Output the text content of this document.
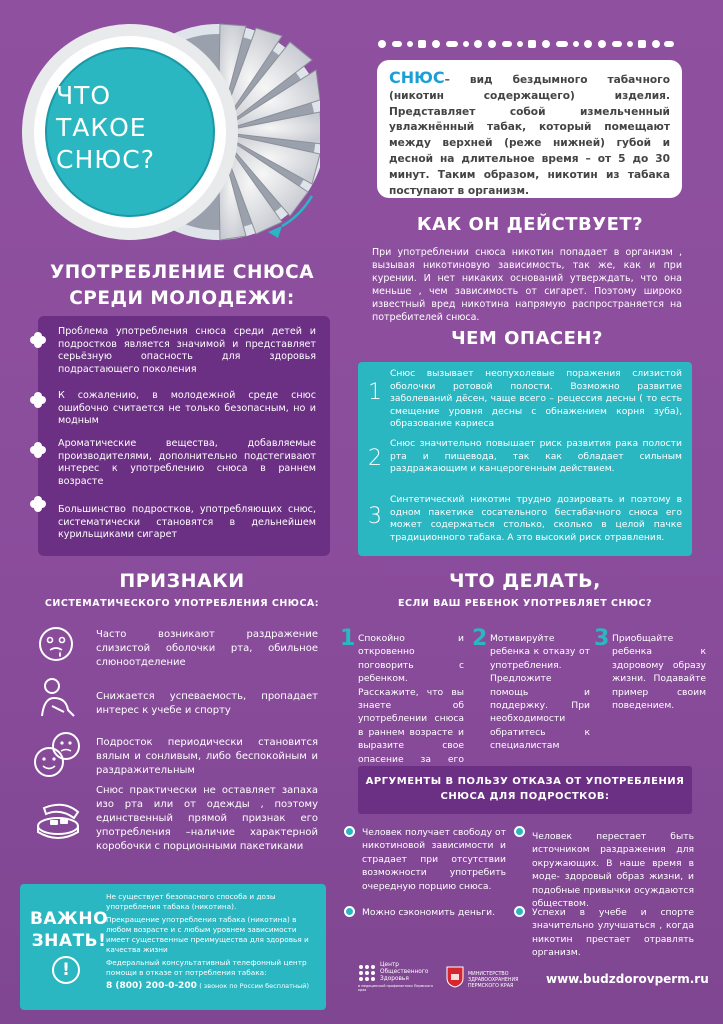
ЧТО
ТАКОЕ
СНЮС?
СНЮС– вид бездымного табачного (никотин содержащего) изделия. Представляет собой измельченный увлажнённый табак, который помещают между верхней (реже нижней) губой и десной на длительное время – от 5 до 30 минут. Таким образом, никотин из табака поступают в организм.
КАК ОН ДЕЙСТВУЕТ?
При употреблении снюса никотин попадает в организм , вызывая никотиновую зависимость, так же, как и при курении. И нет никаких оснований утверждать, что она меньше , чем зависимость от сигарет. Поэтому широко известный вред никотина напрямую распространяется на потребителей снюса.
УПОТРЕБЛЕНИЕ СНЮСА
СРЕДИ МОЛОДЕЖИ:
Проблема употребления снюса среди детей и подростков является значимой и представляет серьёзную опасность для здоровья подрастающего поколения
К сожалению, в молодежной среде снюс ошибочно считается не только безопасным, но и модным
Ароматические вещества, добавляемые производителями, дополнительно подстегивают интерес к употреблению снюса в раннем возрасте
Большинство подростков, употребляющих снюс, систематически становятся в дельнейшем курильщиками сигарет
ЧЕМ ОПАСЕН?
1
Снюс вызывает неопухолевые поражения слизистой оболочки ротовой полости. Возможно развитие заболеваний дёсен, чаще всего – рецессия десны ( то есть смещение уровня десны с обнажением корня зуба), образование кариеса
2
Снюс значительно повышает риск развития рака полости рта и пищевода, так как обладает сильным раздражающим и канцерогенным действием.
3
Синтетический никотин трудно дозировать и поэтому в одном пакетике сосательного бестабачного снюса его может содержаться столько, сколько в целой пачке традиционного табака. А это высокий риск отравления.
ПРИЗНАКИ
СИСТЕМАТИЧЕСКОГО УПОТРЕБЛЕНИЯ СНЮСА:
Часто возникают раздражение слизистой оболочки рта, обильное слюноотделение
Снижается успеваемость, пропадает интерес к учебе и спорту
Подросток периодически становится вялым и сонливым, либо беспокойным и раздражительным
Снюс практически не оставляет запаха изо рта или от одежды , поэтому единственный прямой признак его употребления –наличие характерной коробочки с порционными пакетиками
ЧТО ДЕЛАТЬ,
ЕСЛИ ВАШ РЕБЕНОК УПОТРЕБЛЯЕТ СНЮС?
1 Спокойно и откровенно поговорить с ребенком. Расскажите, что вы знаете об употреблении снюса в раннем возрасте и выразите свое опасение за его
2 Мотивируйте ребенка к отказу от употребления. Предложите помощь и поддержку. При необходимости обратитесь к специалистам
3 Приобщайте ребенка к здоровому образу жизни. Подавайте пример своим поведением.
АРГУМЕНТЫ В ПОЛЬЗУ ОТКАЗА ОТ УПОТРЕБЛЕНИЯ
СНЮСА ДЛЯ ПОДРОСТКОВ:
Человек получает свободу от никотиновой зависимости и страдает при отсутствии возможности употребить очередную порцию снюса.
Можно сэкономить деньги.
Человек перестает быть источником раздражения для окружающих. В наше время в моде- здоровый образ жизни, и подобные привычки осуждаются обществом.
Успехи в учебе и спорте значительно улучшаться , когда никотин престает отравлять организм.
ВАЖНО
ЗНАТЬ!
!
Не существует безопасного способа и дозы употребления табака (никотина).
Прекращение употребления табака (никотина) в любом возрасте и с любым уровнем зависимости имеет существенные преимущества для здоровья и качества жизни
Федеральный консультативный телефонный центр помощи в отказе от потребления табака:
8 (800) 200-0-200 ( звонок по России бесплатный)
Центр
Общественного
Здоровья
и медицинской профилактики Пермского края
МИНИСТЕРСТВО
ЗДРАВООХРАНЕНИЯ
ПЕРМСКОГО КРАЯ
www.budzdorovperm.ru
